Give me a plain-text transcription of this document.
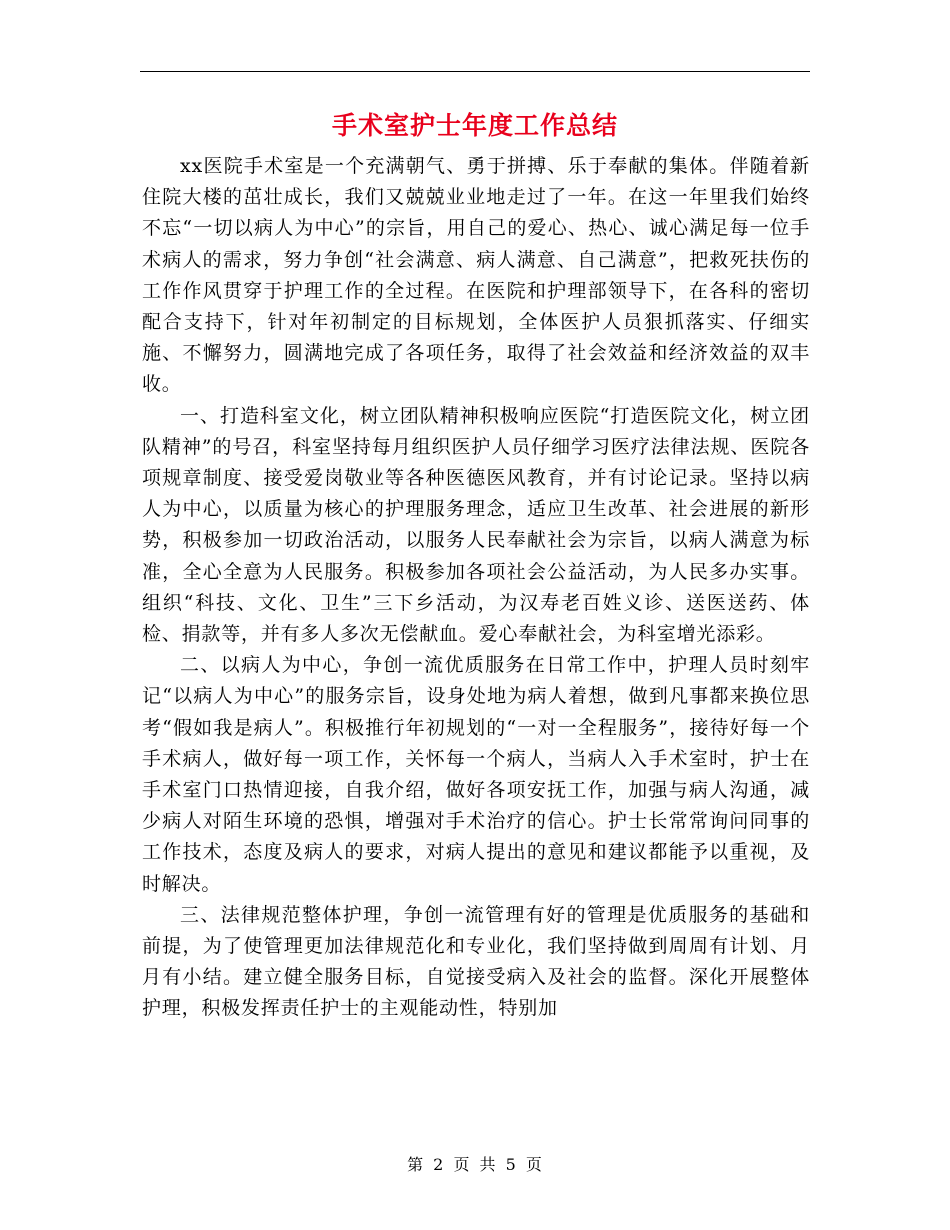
手术室护士年度工作总结

xx医院手术室是一个充满朝气、勇于拼搏、乐于奉献的集体。伴随着新住院大楼的茁壮成长，我们又兢兢业业地走过了一年。在这一年里我们始终不忘“一切以病人为中心”的宗旨，用自己的爱心、热心、诚心满足每一位手术病人的需求，努力争创“社会满意、病人满意、自己满意”，把救死扶伤的工作作风贯穿于护理工作的全过程。在医院和护理部领导下，在各科的密切配合支持下，针对年初制定的目标规划，全体医护人员狠抓落实、仔细实施、不懈努力，圆满地完成了各项任务，取得了社会效益和经济效益的双丰收。

一、打造科室文化，树立团队精神积极响应医院“打造医院文化，树立团队精神”的号召，科室坚持每月组织医护人员仔细学习医疗法律法规、医院各项规章制度、接受爱岗敬业等各种医德医风教育，并有讨论记录。坚持以病人为中心，以质量为核心的护理服务理念，适应卫生改革、社会进展的新形势，积极参加一切政治活动，以服务人民奉献社会为宗旨，以病人满意为标准，全心全意为人民服务。积极参加各项社会公益活动，为人民多办实事。组织“科技、文化、卫生”三下乡活动，为汉寿老百姓义诊、送医送药、体检、捐款等，并有多人多次无偿献血。爱心奉献社会，为科室增光添彩。

二、以病人为中心，争创一流优质服务在日常工作中，护理人员时刻牢记“以病人为中心”的服务宗旨，设身处地为病人着想，做到凡事都来换位思考“假如我是病人”。积极推行年初规划的“一对一全程服务”，接待好每一个手术病人，做好每一项工作，关怀每一个病人，当病人入手术室时，护士在手术室门口热情迎接，自我介绍，做好各项安抚工作，加强与病人沟通，减少病人对陌生环境的恐惧，增强对手术治疗的信心。护士长常常询问同事的工作技术，态度及病人的要求，对病人提出的意见和建议都能予以重视，及时解决。

三、法律规范整体护理，争创一流管理有好的管理是优质服务的基础和前提，为了使管理更加法律规范化和专业化，我们坚持做到周周有计划、月月有小结。建立健全服务目标，自觉接受病入及社会的监督。深化开展整体护理，积极发挥责任护士的主观能动性，特别加

第 2 页 共 5 页
